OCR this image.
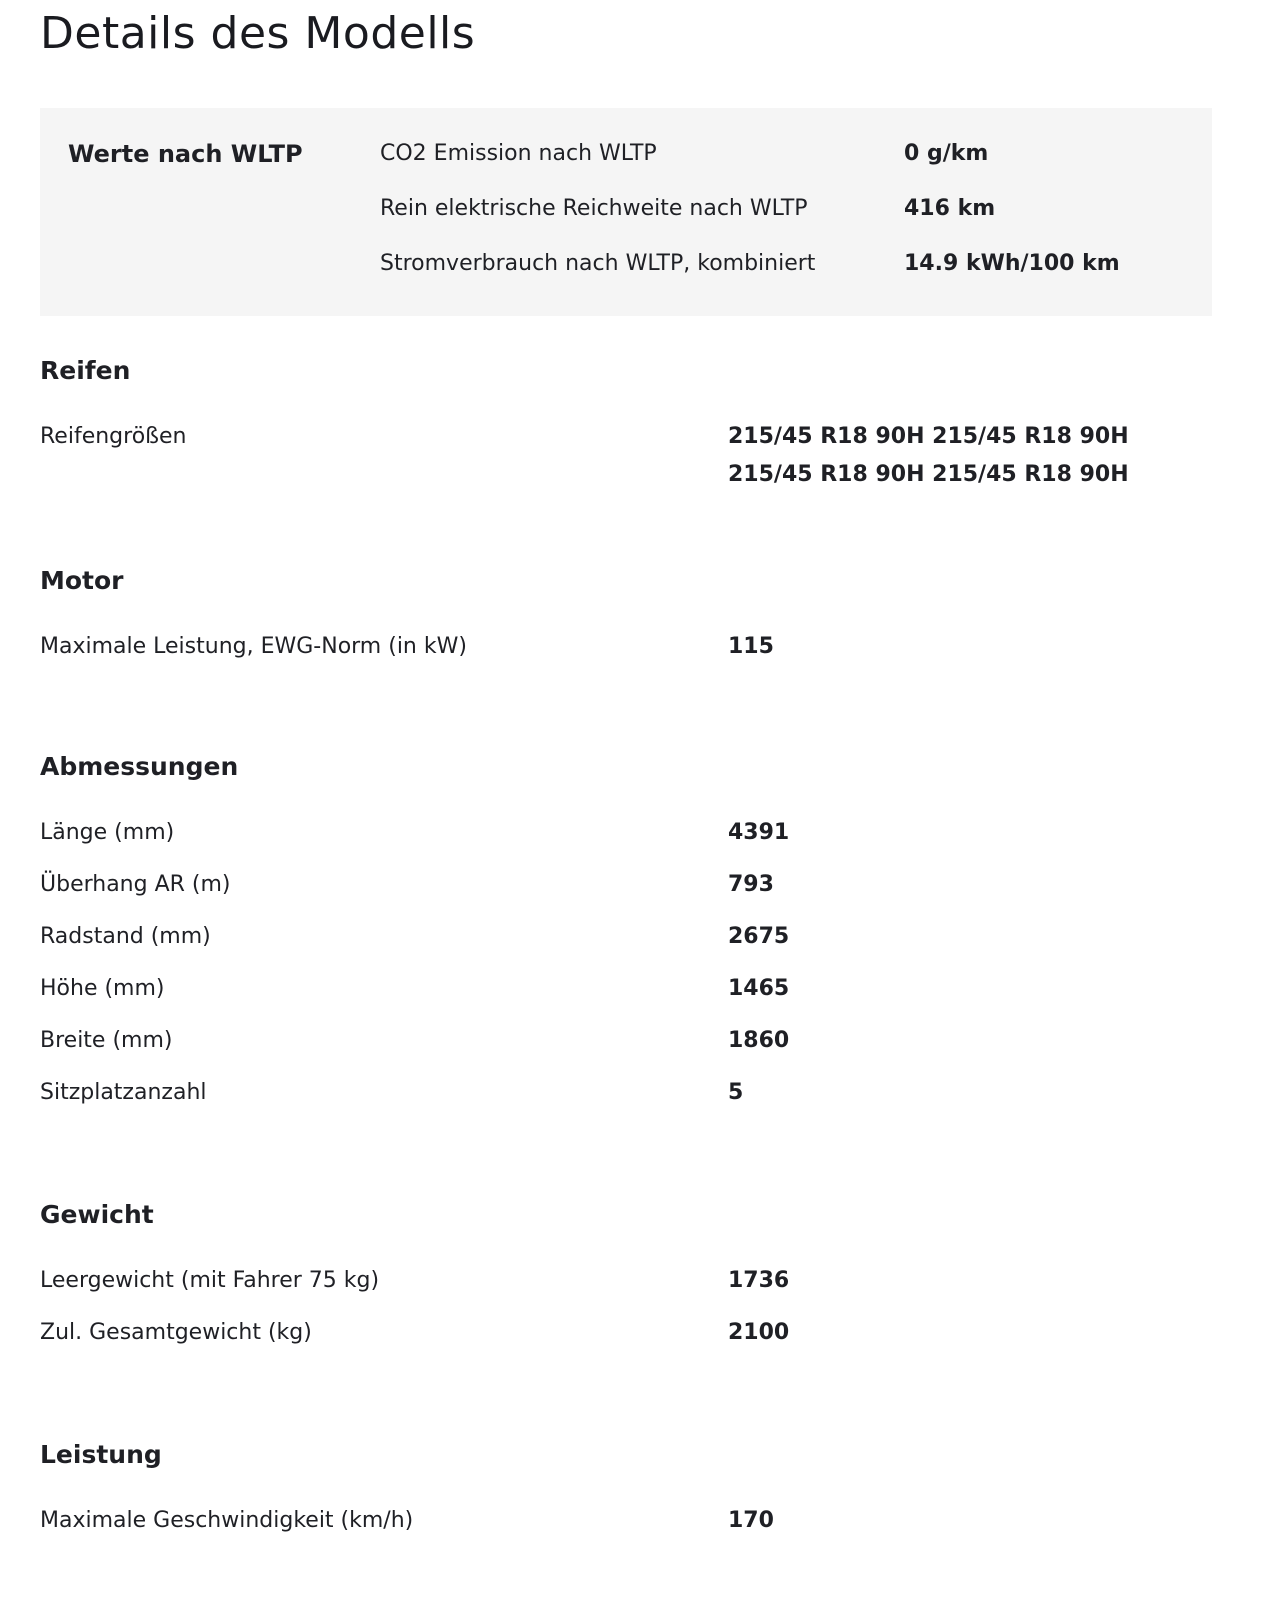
Details des Modells
Werte nach WLTP	CO2 Emission nach WLTP	0 g/km
Rein elektrische Reichweite nach WLTP	416 km
Stromverbrauch nach WLTP, kombiniert	14.9 kWh/100 km
Reifen
Reifengrößen	215/45 R18 90H 215/45 R18 90H 215/45 R18 90H 215/45 R18 90H
Motor
Maximale Leistung, EWG-Norm (in kW)	115
Abmessungen
Länge (mm)	4391
Überhang AR (m)	793
Radstand (mm)	2675
Höhe (mm)	1465
Breite (mm)	1860
Sitzplatzanzahl	5
Gewicht
Leergewicht (mit Fahrer 75 kg)	1736
Zul. Gesamtgewicht (kg)	2100
Leistung
Maximale Geschwindigkeit (km/h)	170
